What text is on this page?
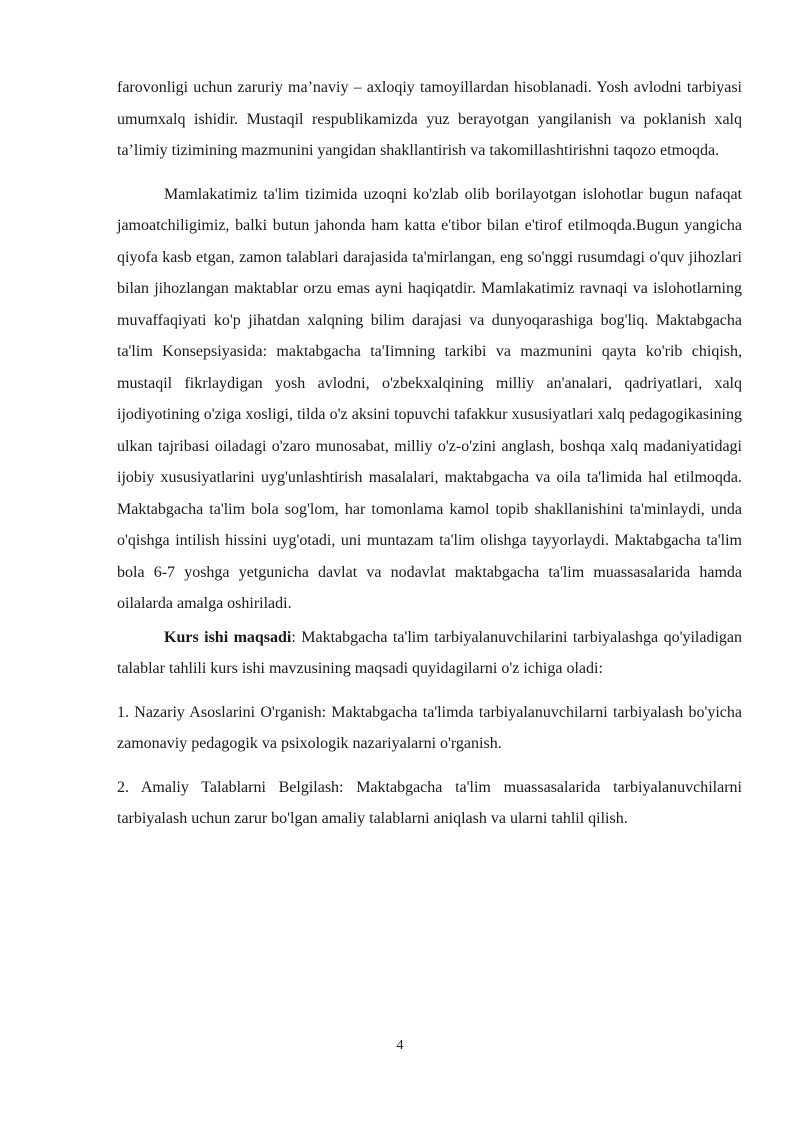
farovonligi uchun zaruriy ma’naviy – axloqiy tamoyillardan hisoblanadi. Yosh avlodni tarbiyasi umumxalq ishidir. Mustaqil respublikamizda yuz berayotgan yangilanish va poklanish xalq ta’limiy tizimining mazmunini yangidan shakllantirish va takomillashtirishni taqozo etmoqda.

Mamlakatimiz ta'lim tizimida uzoqni ko'zlab olib borilayotgan islohotlar bugun nafaqat jamoatchiligimiz, balki butun jahonda ham katta e'tibor bilan e'tirof etilmoqda.Bugun yangicha qiyofa kasb etgan, zamon talablari darajasida ta'mirlangan, eng so'nggi rusumdagi o'quv jihozlari bilan jihozlangan maktablar orzu emas ayni haqiqatdir. Mamlakatimiz ravnaqi va islohotlarning muvaffaqiyati ko'p jihatdan xalqning bilim darajasi va dunyoqarashiga bog'liq. Maktabgacha ta'lim Konsepsiyasida: maktabgacha ta'Iimning tarkibi va mazmunini qayta ko'rib chiqish, mustaqil fikrlaydigan yosh avlodni, o'zbekxalqining milliy an'analari, qadriyatlari, xalq ijodiyotining o'ziga xosligi, tilda o'z aksini topuvchi tafakkur xususiyatlari xalq pedagogikasining ulkan tajribasi oiladagi o'zaro munosabat, milliy o'z-o'zini anglash, boshqa xalq madaniyatidagi ijobiy xususiyatlarini uyg'unlashtirish masalalari, maktabgacha va oila ta'limida hal etilmoqda. Maktabgacha ta'lim bola sog'lom, har tomonlama kamol topib shakllanishini ta'minlaydi, unda o'qishga intilish hissini uyg'otadi, uni muntazam ta'lim olishga tayyorlaydi. Maktabgacha ta'lim bola 6-7 yoshga yetgunicha davlat va nodavlat maktabgacha ta'lim muassasalarida hamda oilalarda amalga oshiriladi.

Kurs ishi maqsadi: Maktabgacha ta'lim tarbiyalanuvchilarini tarbiyalashga qo'yiladigan talablar tahlili kurs ishi mavzusining maqsadi quyidagilarni o'z ichiga oladi:

1. Nazariy Asoslarini O'rganish: Maktabgacha ta'limda tarbiyalanuvchilarni tarbiyalash bo'yicha zamonaviy pedagogik va psixologik nazariyalarni o'rganish.

2. Amaliy Talablarni Belgilash: Maktabgacha ta'lim muassasalarida tarbiyalanuvchilarni tarbiyalash uchun zarur bo'lgan amaliy talablarni aniqlash va ularni tahlil qilish.

4
